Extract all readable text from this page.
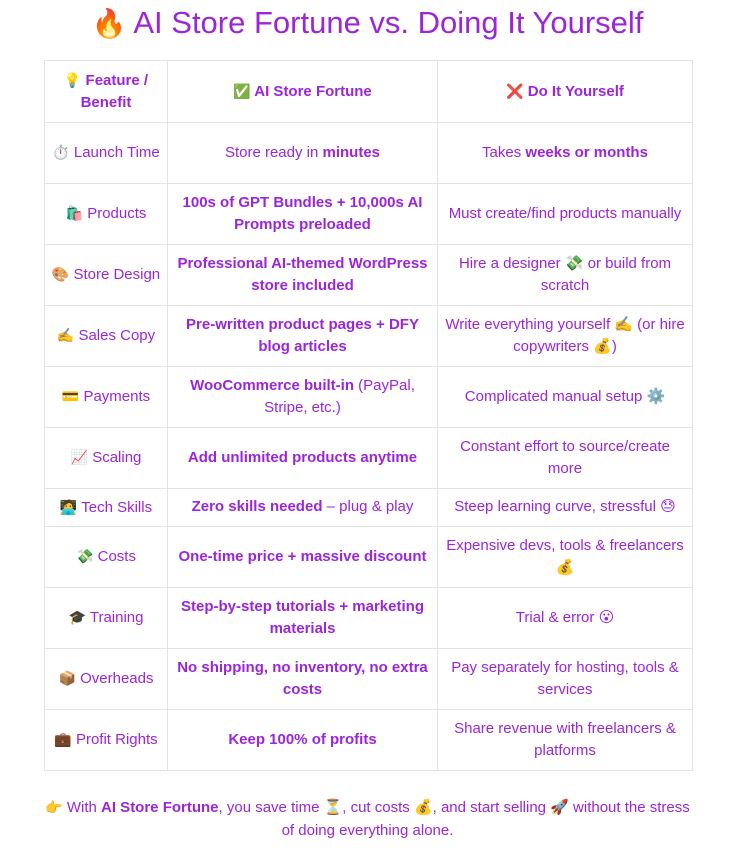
🔥 AI Store Fortune vs. Doing It Yourself
💡 Feature / Benefit	✅ AI Store Fortune	❌ Do It Yourself
⏱️ Launch Time	Store ready in minutes	Takes weeks or months
🛍️ Products	100s of GPT Bundles + 10,000s AI Prompts preloaded	Must create/find products manually
🎨 Store Design	Professional AI-themed WordPress store included	Hire a designer 💸 or build from scratch
✍️ Sales Copy	Pre-written product pages + DFY blog articles	Write everything yourself ✍️ (or hire copywriters 💰)
💳 Payments	WooCommerce built-in (PayPal, Stripe, etc.)	Complicated manual setup ⚙️
📈 Scaling	Add unlimited products anytime	Constant effort to source/create more
🧑‍💻 Tech Skills	Zero skills needed – plug & play	Steep learning curve, stressful 😓
💸 Costs	One-time price + massive discount	Expensive devs, tools & freelancers 💰
🎓 Training	Step-by-step tutorials + marketing materials	Trial & error 😮
📦 Overheads	No shipping, no inventory, no extra costs	Pay separately for hosting, tools & services
💼 Profit Rights	Keep 100% of profits	Share revenue with freelancers & platforms
👉 With AI Store Fortune, you save time ⏳, cut costs 💰, and start selling 🚀 without the stress of doing everything alone.
